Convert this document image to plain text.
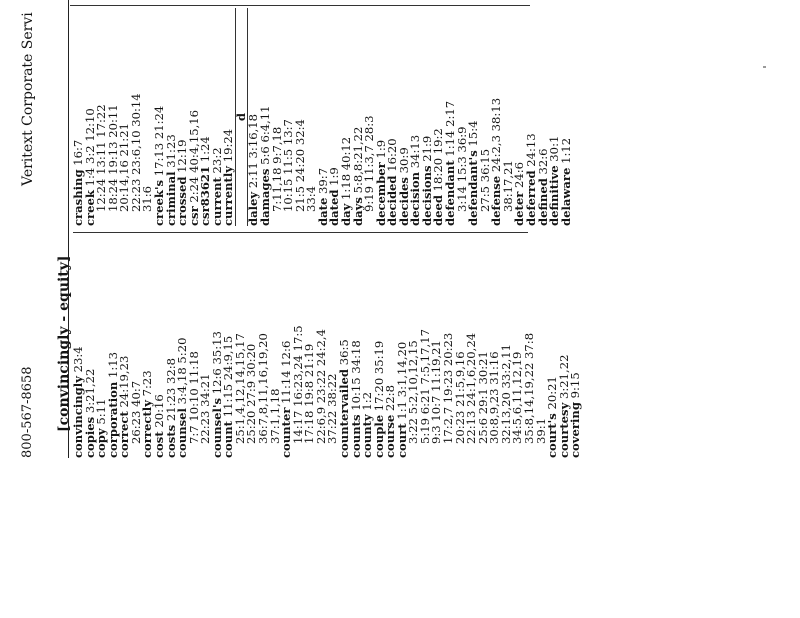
[convincingly - equity] convincingly 23:4
copies 3:21,22
copy 5:11
corporation 1:13
correct 24:19,23
26:23 40:7
correctly 7:23
cost 20:16
costs 21:23 32:8
counsel 3:4,18 5:20
7:7 10:10 11:18
22:23 34:21
counsel's 12:6 35:13
count 11:15 24:9,15
25:1,4,12,14,15,17
25:20 27:9 30:20
36:7,8,11,16,19,20
37:1,1,18
counter 11:14 12:6
14:17 16:23,24 17:5
17:18 19:8 21:19
22:6,9 23:22 24:2,4
37:22 38:22
countervailed 36:5
counts 10:15 34:18
county 1:2
couple 17:20 35:19
course 22:8
court 1:1 3:1,14,20
3:22 5:2,10,12,15
5:19 6:21 7:5,17,17
9:3 10:7 11:19,21
17:2,7 19:23 20:23
20:23 21:5,9,16
22:13 24:1,6,20,24
25:6 29:1 30:21
30:8,9,23 31:16
32:13,20 33:2,11
34:5,6,11,12,19
35:8,14,19,22 37:8
39:1
court's 20:21
courtesy 3:21,22
covering 9:15
crashing 16:7
creek 1:4 3:2 12:10
12:24 13:11 17:22
18:24 19:13 20:11
20:14,16 21:21
22:23 23:6,10 30:14
31:6
creek's 17:13 21:24
criminal 31:23
crossed 12:19
csr 2:24 40:4,15,16
csr83621 1:24
current 23:2
currently 19:24
d
daley 2:11 3:16,18
damages 5:6 6:4,11
7:11,18 9:7,18
10:15 11:5 13:7
21:5 24:20 32:4
33:4
date 39:7
dated 1:9
day 1:18 40:12
days 5:8,8:21,22
9:19 11:3,7 28:3
december 1:9
decided 16:20
decides 30:9
decision 34:13
decisions 21:9
deed 18:20 19:2
defendant 1:14 2:17
3:14 15:3 36:9
defendant's 15:4
27:5 36:15
defense 24:2,3 38:13
38:17,21
deter 24:6
deferred 24:13
defined 32:6
definitive 30:1
delaware 1:12
800-567-8658
Veritext Corporate Servi
